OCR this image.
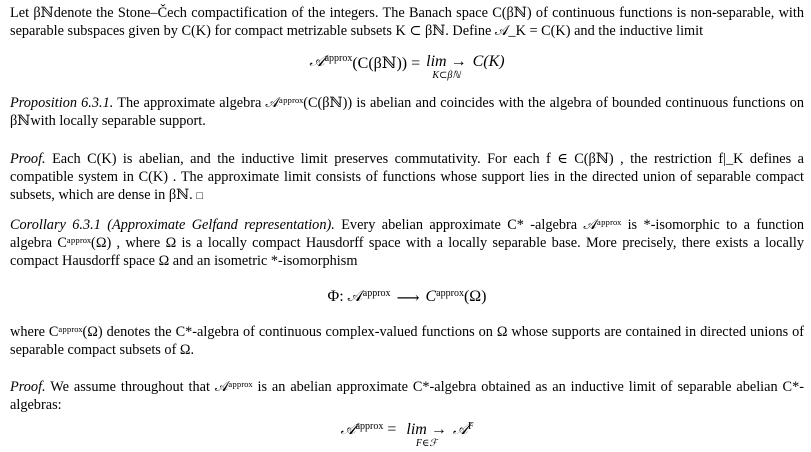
Let βℕdenote the Stone–Čech compactification of the integers. The Banach space C(βℕ) of continuous functions is non-separable, with separable subspaces given by C(K) for compact metrizable subsets K ⊂ βℕ. Define 𝒜_K = C(K) and the inductive limit

𝒜 approx (C(βℕ)) = lim →
K⊂βℕ
C(K)

Proposition 6.3.1. The approximate algebra 𝒜ᵃᵖᵖʳᵒˣ(C(βℕ)) is abelian and coincides with the algebra of bounded continuous functions on βℕwith locally separable support.

Proof. Each C(K) is abelian, and the inductive limit preserves commutativity. For each f ∈ C(βℕ) , the restriction f|_K defines a compatible system in C(K) . The approximate limit consists of functions whose support lies in the directed union of separable compact subsets, which are dense in βℕ. □

Corollary 6.3.1 (Approximate Gelfand representation). Every abelian approximate C* -algebra 𝒜ᵃᵖᵖʳᵒˣ is *-isomorphic to a function algebra Cᵃᵖᵖʳᵒˣ(Ω) , where Ω is a locally compact Hausdorff space with a locally separable base. More precisely, there exists a locally compact Hausdorff space Ω and an isometric *-isomorphism

Φ: 𝒜 approx ⟶ C approx (Ω)

where Cᵃᵖᵖʳᵒˣ(Ω) denotes the C*-algebra of continuous complex-valued functions on Ω whose supports are contained in directed unions of separable compact subsets of Ω.

Proof. We assume throughout that 𝒜ᵃᵖᵖʳᵒˣ is an abelian approximate C*-algebra obtained as an inductive limit of separable abelian C*-algebras:

𝒜 approx = lim →
F∈ℱ
𝒜 F
